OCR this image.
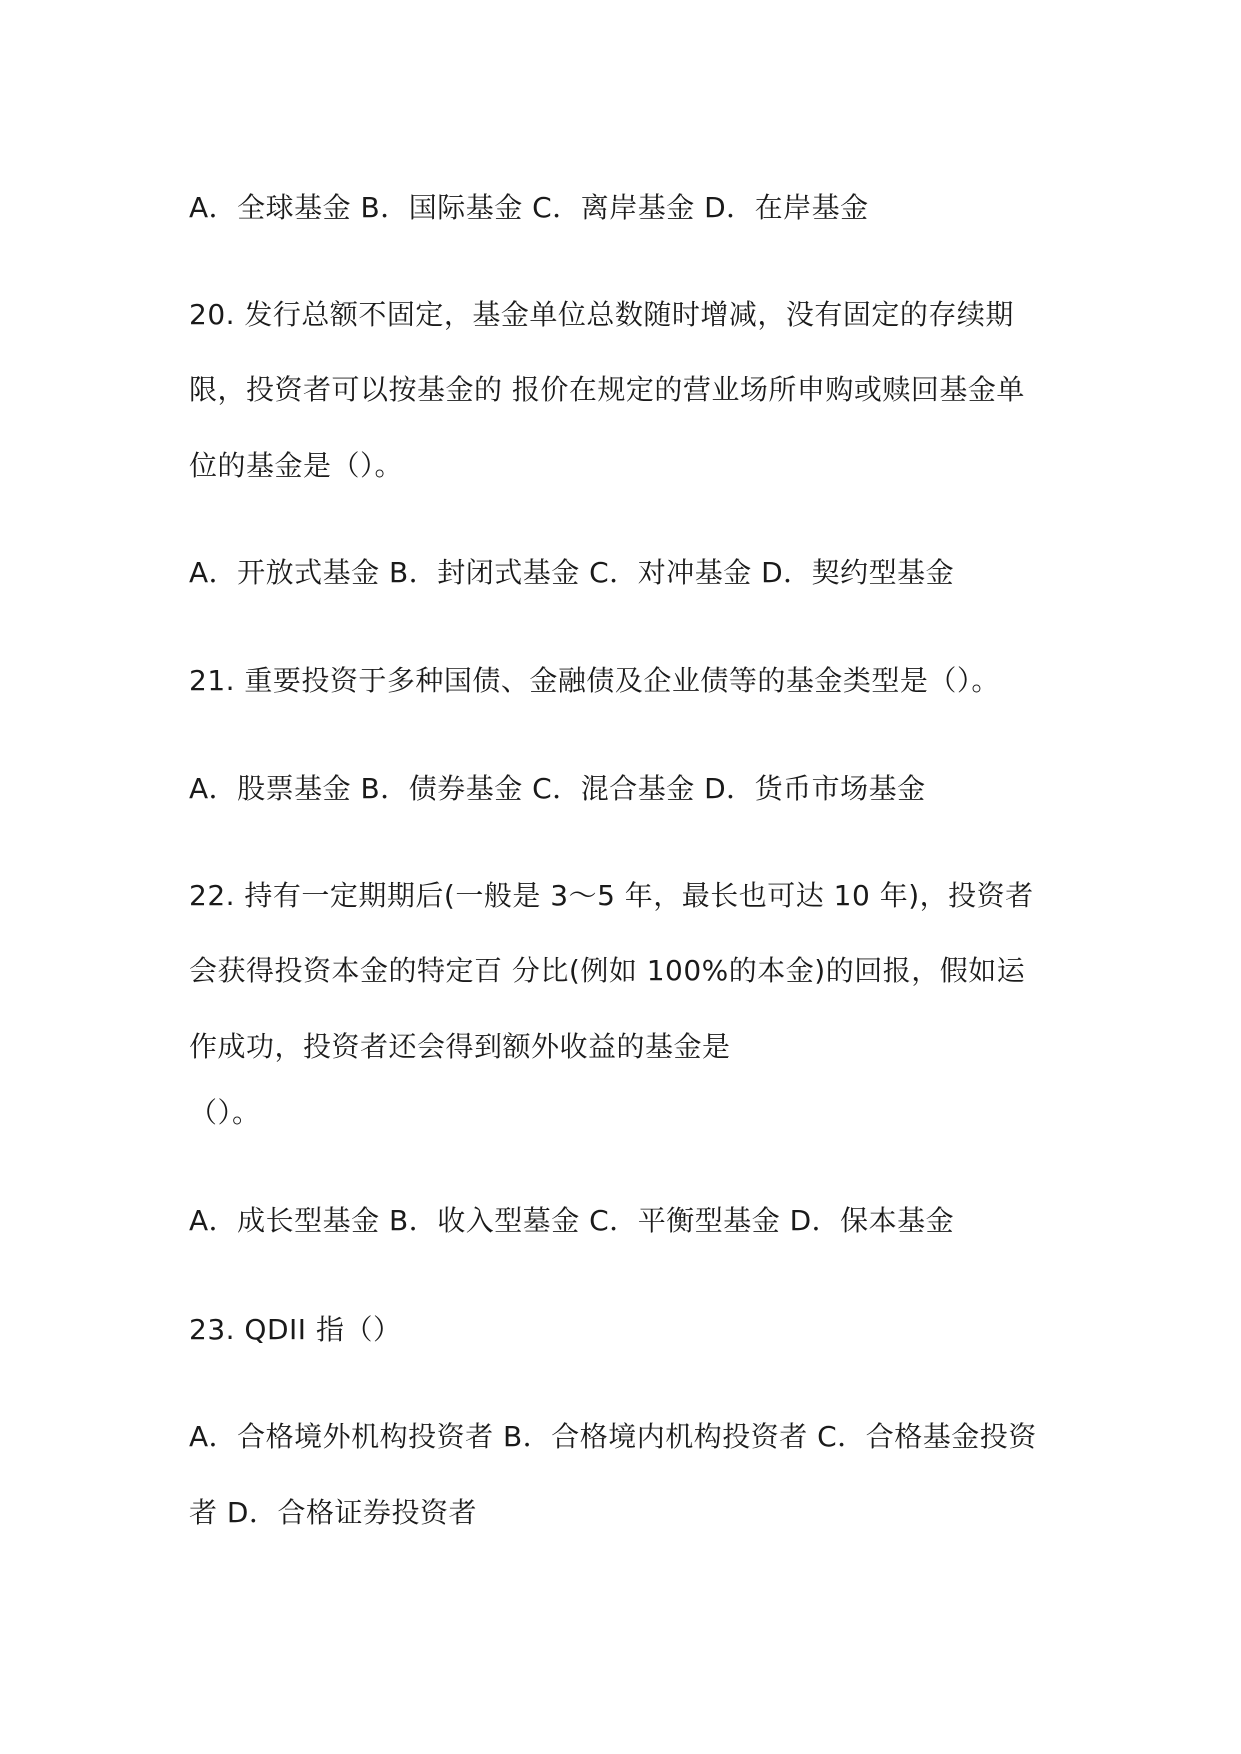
A．全球基金 B．国际基金 C．离岸基金 D．在岸基金
20. 发行总额不固定，基金单位总数随时增减，没有固定的存续期
限，投资者可以按基金的 报价在规定的营业场所申购或赎回基金单
位的基金是（）。
A．开放式基金 B．封闭式基金 C．对冲基金 D．契约型基金
21. 重要投资于多种国债、金融债及企业债等的基金类型是（）。
A．股票基金 B．债券基金 C．混合基金 D．货币市场基金
22. 持有一定期期后(一般是 3～5 年，最长也可达 10 年)，投资者
会获得投资本金的特定百 分比(例如 100%的本金)的回报，假如运
作成功，投资者还会得到额外收益的基金是
（）。
A．成长型基金 B．收入型墓金 C．平衡型基金 D．保本基金
23. QDII 指（）
A．合格境外机构投资者 B．合格境内机构投资者 C．合格基金投资
者 D．合格证券投资者
